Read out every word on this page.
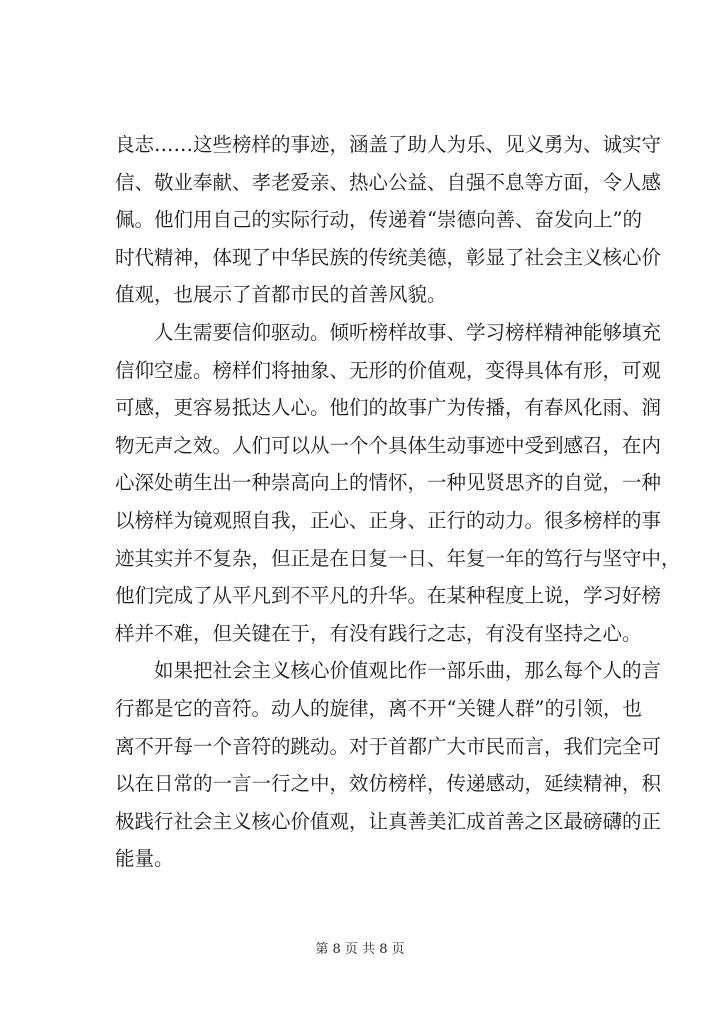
良志……这些榜样的事迹，涵盖了助人为乐、见义勇为、诚实守
信、敬业奉献、孝老爱亲、热心公益、自强不息等方面，令人感
佩。他们用自己的实际行动，传递着“崇德向善、奋发向上”的
时代精神，体现了中华民族的传统美德，彰显了社会主义核心价
值观，也展示了首都市民的首善风貌。
　　人生需要信仰驱动。倾听榜样故事、学习榜样精神能够填充
信仰空虚。榜样们将抽象、无形的价值观，变得具体有形，可观
可感，更容易抵达人心。他们的故事广为传播，有春风化雨、润
物无声之效。人们可以从一个个具体生动事迹中受到感召，在内
心深处萌生出一种崇高向上的情怀，一种见贤思齐的自觉，一种
以榜样为镜观照自我，正心、正身、正行的动力。很多榜样的事
迹其实并不复杂，但正是在日复一日、年复一年的笃行与坚守中，
他们完成了从平凡到不平凡的升华。在某种程度上说，学习好榜
样并不难，但关键在于，有没有践行之志，有没有坚持之心。
　　如果把社会主义核心价值观比作一部乐曲，那么每个人的言
行都是它的音符。动人的旋律，离不开“关键人群”的引领，也
离不开每一个音符的跳动。对于首都广大市民而言，我们完全可
以在日常的一言一行之中，效仿榜样，传递感动，延续精神，积
极践行社会主义核心价值观，让真善美汇成首善之区最磅礴的正
能量。
第 8 页 共 8 页
